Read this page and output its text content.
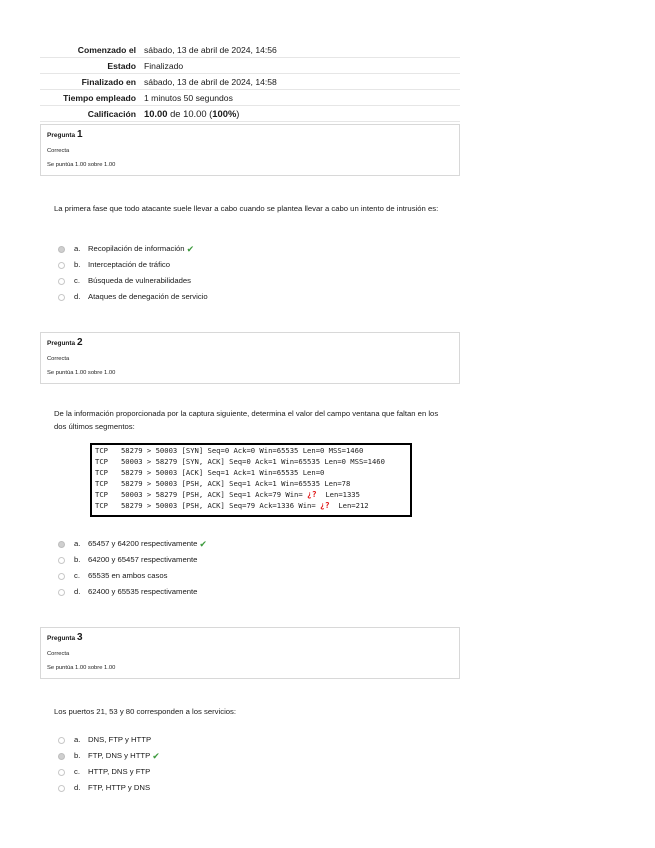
Comenzado el	sábado, 13 de abril de 2024, 14:56
Estado	Finalizado
Finalizado en	sábado, 13 de abril de 2024, 14:58
Tiempo empleado	1 minutos 50 segundos
Calificación	10.00 de 10.00 (100%)
Pregunta 1
Correcta
Se puntúa 1.00 sobre 1.00
La primera fase que todo atacante suele llevar a cabo cuando se plantea llevar a cabo un intento de intrusión es:
a. Recopilación de información ✔
b. Interceptación de tráfico
c.	Búsqueda de vulnerabilidades
d. Ataques de denegación de servicio
Pregunta 2
Correcta
Se puntúa 1.00 sobre 1.00
De la información proporcionada por la captura siguiente, determina el valor del campo ventana que faltan en los dos últimos segmentos:
TCP   58279 > 50003 [SYN] Seq=0 Ack=0 Win=65535 Len=0 MSS=1460
TCP   50003 > 58279 [SYN, ACK] Seq=0 Ack=1 Win=65535 Len=0 MSS=1460
TCP   58279 > 50003 [ACK] Seq=1 Ack=1 Win=65535 Len=0
TCP   58279 > 50003 [PSH, ACK] Seq=1 Ack=1 Win=65535 Len=78
TCP   50003 > 58279 [PSH, ACK] Seq=1 Ack=79 Win= ¿?  Len=1335
TCP   58279 > 50003 [PSH, ACK] Seq=79 Ack=1336 Win= ¿?  Len=212
a. 65457 y 64200 respectivamente ✔
b. 64200 y 65457 respectivamente
c.	65535 en ambos casos
d. 62400 y 65535 respectivamente
Pregunta 3
Correcta
Se puntúa 1.00 sobre 1.00
Los puertos 21, 53 y 80 corresponden a los servicios:
a. DNS, FTP y HTTP
b. FTP, DNS y HTTP ✔
c.	HTTP, DNS y FTP
d. FTP, HTTP y DNS
